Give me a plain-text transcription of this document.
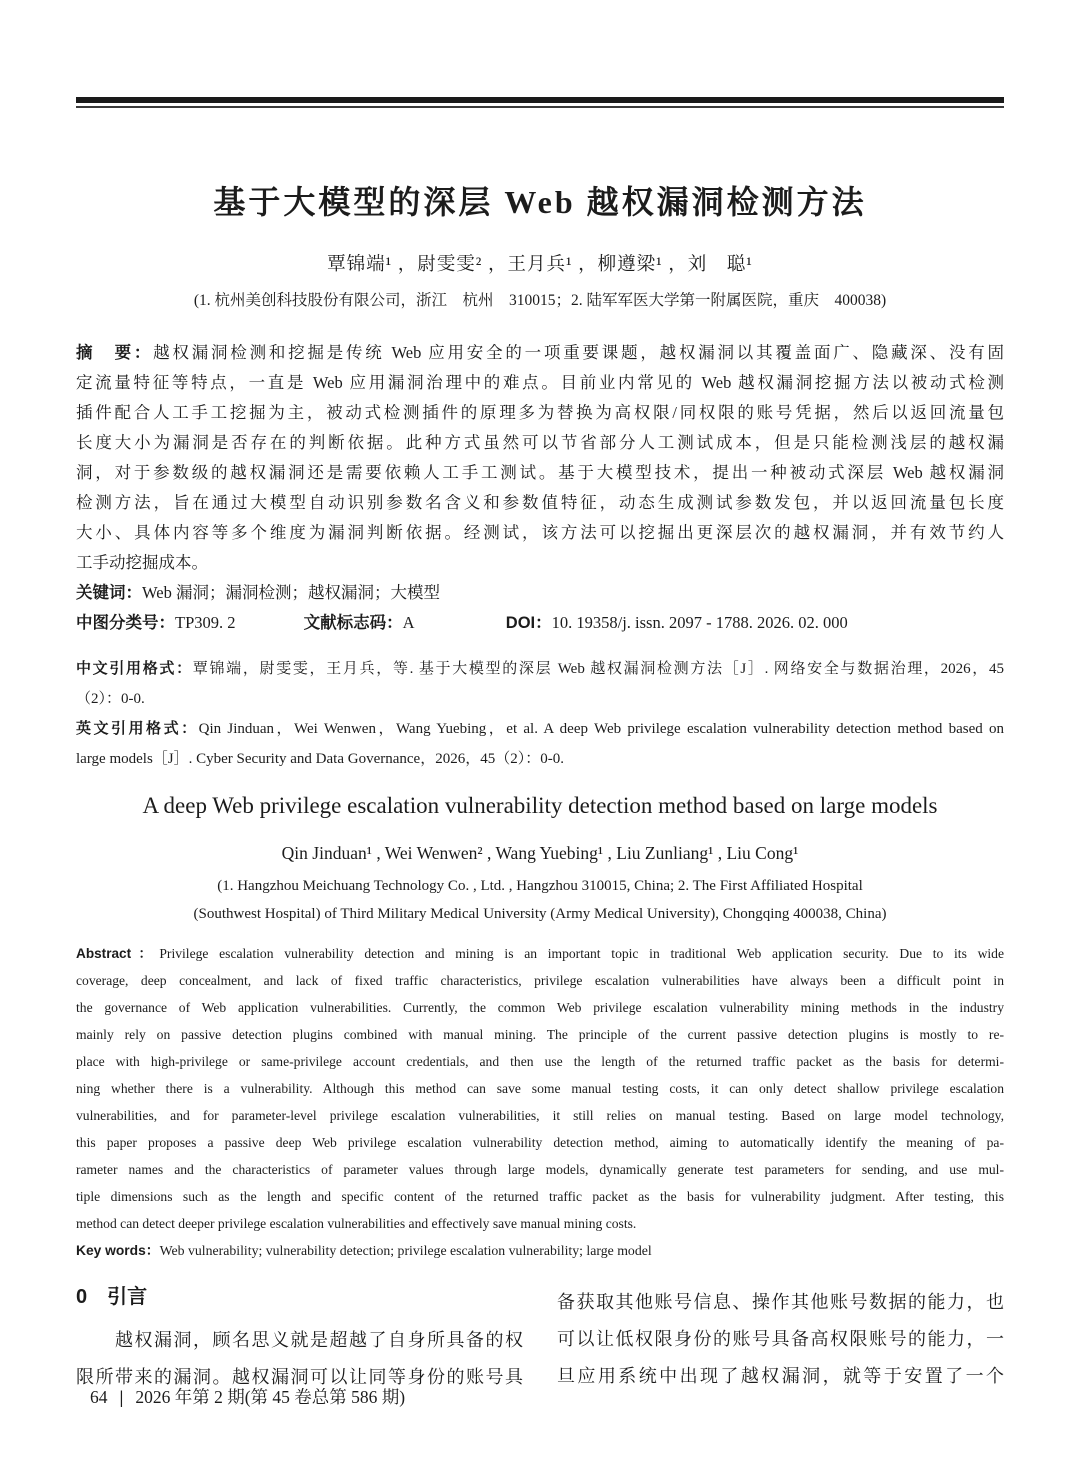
基于大模型的深层 Web 越权漏洞检测方法
覃锦端¹ ，尉雯雯² ，王月兵¹ ，柳遵梁¹ ，刘　聪¹
(1. 杭州美创科技股份有限公司，浙江　杭州　310015；2. 陆军军医大学第一附属医院，重庆　400038)
摘　要：越权漏洞检测和挖掘是传统 Web 应用安全的一项重要课题，越权漏洞以其覆盖面广、隐藏深、没有固
定流量特征等特点，一直是 Web 应用漏洞治理中的难点。目前业内常见的 Web 越权漏洞挖掘方法以被动式检测
插件配合人工手工挖掘为主，被动式检测插件的原理多为替换为高权限/同权限的账号凭据，然后以返回流量包
长度大小为漏洞是否存在的判断依据。此种方式虽然可以节省部分人工测试成本，但是只能检测浅层的越权漏
洞，对于参数级的越权漏洞还是需要依赖人工手工测试。基于大模型技术，提出一种被动式深层 Web 越权漏洞
检测方法，旨在通过大模型自动识别参数名含义和参数值特征，动态生成测试参数发包，并以返回流量包长度
大小、具体内容等多个维度为漏洞判断依据。经测试，该方法可以挖掘出更深层次的越权漏洞，并有效节约人
工手动挖掘成本。
关键词：Web 漏洞；漏洞检测；越权漏洞；大模型
中图分类号：TP309. 2	文献标志码：A	DOI：10. 19358/j. issn. 2097 - 1788. 2026. 02. 000
中文引用格式：覃锦端，尉雯雯，王月兵，等. 基于大模型的深层 Web 越权漏洞检测方法［J］. 网络安全与数据治理，2026，45
（2）：0-0.
英文引用格式：Qin Jinduan，Wei Wenwen，Wang Yuebing，et al. A deep Web privilege escalation vulnerability detection method based on
large models［J］. Cyber Security and Data Governance，2026，45（2）：0-0.
A deep Web privilege escalation vulnerability detection method based on large models
Qin Jinduan¹ , Wei Wenwen² , Wang Yuebing¹ , Liu Zunliang¹ , Liu Cong¹
(1. Hangzhou Meichuang Technology Co. , Ltd. , Hangzhou 310015, China; 2. The First Affiliated Hospital
(Southwest Hospital) of Third Military Medical University (Army Medical University), Chongqing 400038, China)
Abstract：Privilege escalation vulnerability detection and mining is an important topic in traditional Web application security. Due to its wide
coverage, deep concealment, and lack of fixed traffic characteristics, privilege escalation vulnerabilities have always been a difficult point in
the governance of Web application vulnerabilities. Currently, the common Web privilege escalation vulnerability mining methods in the industry
mainly rely on passive detection plugins combined with manual mining. The principle of the current passive detection plugins is mostly to re-
place with high-privilege or same-privilege account credentials, and then use the length of the returned traffic packet as the basis for determi-
ning whether there is a vulnerability. Although this method can save some manual testing costs, it can only detect shallow privilege escalation
vulnerabilities, and for parameter-level privilege escalation vulnerabilities, it still relies on manual testing. Based on large model technology,
this paper proposes a passive deep Web privilege escalation vulnerability detection method, aiming to automatically identify the meaning of pa-
rameter names and the characteristics of parameter values through large models, dynamically generate test parameters for sending, and use mul-
tiple dimensions such as the length and specific content of the returned traffic packet as the basis for vulnerability judgment. After testing, this
method can detect deeper privilege escalation vulnerabilities and effectively save manual mining costs.
Key words：Web vulnerability; vulnerability detection; privilege escalation vulnerability; large model
0 引言
　　越权漏洞，顾名思义就是超越了自身所具备的权
限所带来的漏洞。越权漏洞可以让同等身份的账号具
备获取其他账号信息、操作其他账号数据的能力，也
可以让低权限身份的账号具备高权限账号的能力，一
旦应用系统中出现了越权漏洞，就等于安置了一个
64 | 2026 年第 2 期(第 45 卷总第 586 期)
